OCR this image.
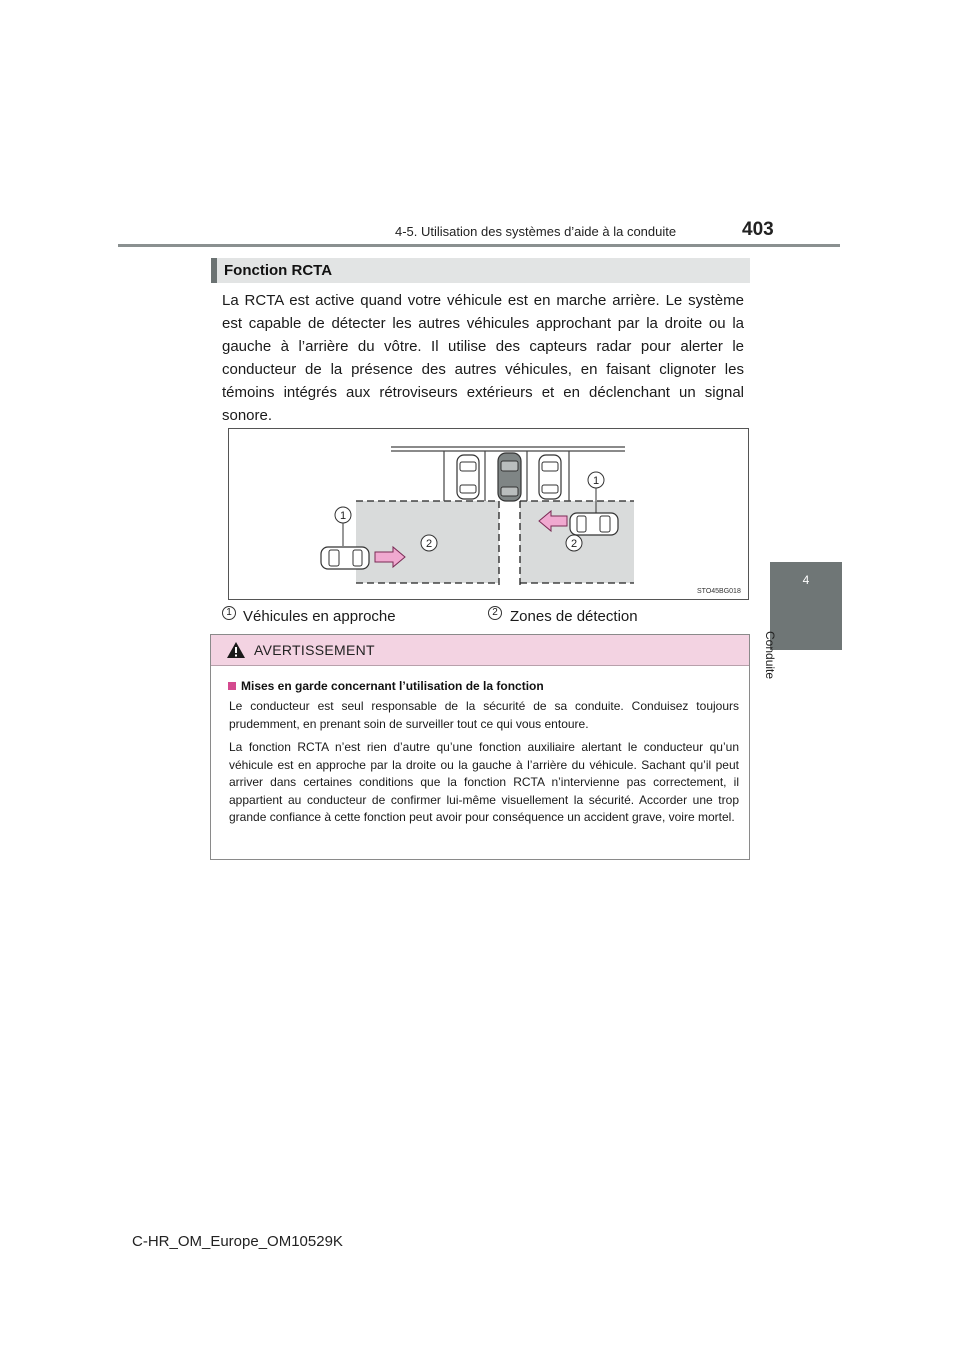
4-5. Utilisation des systèmes d’aide à la conduite	403
4
Conduite
Fonction RCTA
La RCTA est active quand votre véhicule est en marche arrière. Le système est capable de détecter les autres véhicules approchant par la droite ou la gauche à l’arrière du vôtre. Il utilise des capteurs radar pour alerter le conducteur de la présence des autres véhicules, en faisant clignoter les témoins intégrés aux rétroviseurs extérieurs et en déclenchant un signal sonore.
1
1
2	2
STO45BG018
1 Véhicules en approche	2 Zones de détection
AVERTISSEMENT
Mises en garde concernant l’utilisation de la fonction
Le conducteur est seul responsable de la sécurité de sa conduite. Conduisez toujours prudemment, en prenant soin de surveiller tout ce qui vous entoure.
La fonction RCTA n’est rien d’autre qu’une fonction auxiliaire alertant le conducteur qu’un véhicule est en approche par la droite ou la gauche à l’arrière du véhicule. Sachant qu’il peut arriver dans certaines conditions que la fonction RCTA n’intervienne pas correctement, il appartient au conducteur de confirmer lui-même visuellement la sécurité. Accorder une trop grande confiance à cette fonction peut avoir pour conséquence un accident grave, voire mortel.
C-HR_OM_Europe_OM10529K
